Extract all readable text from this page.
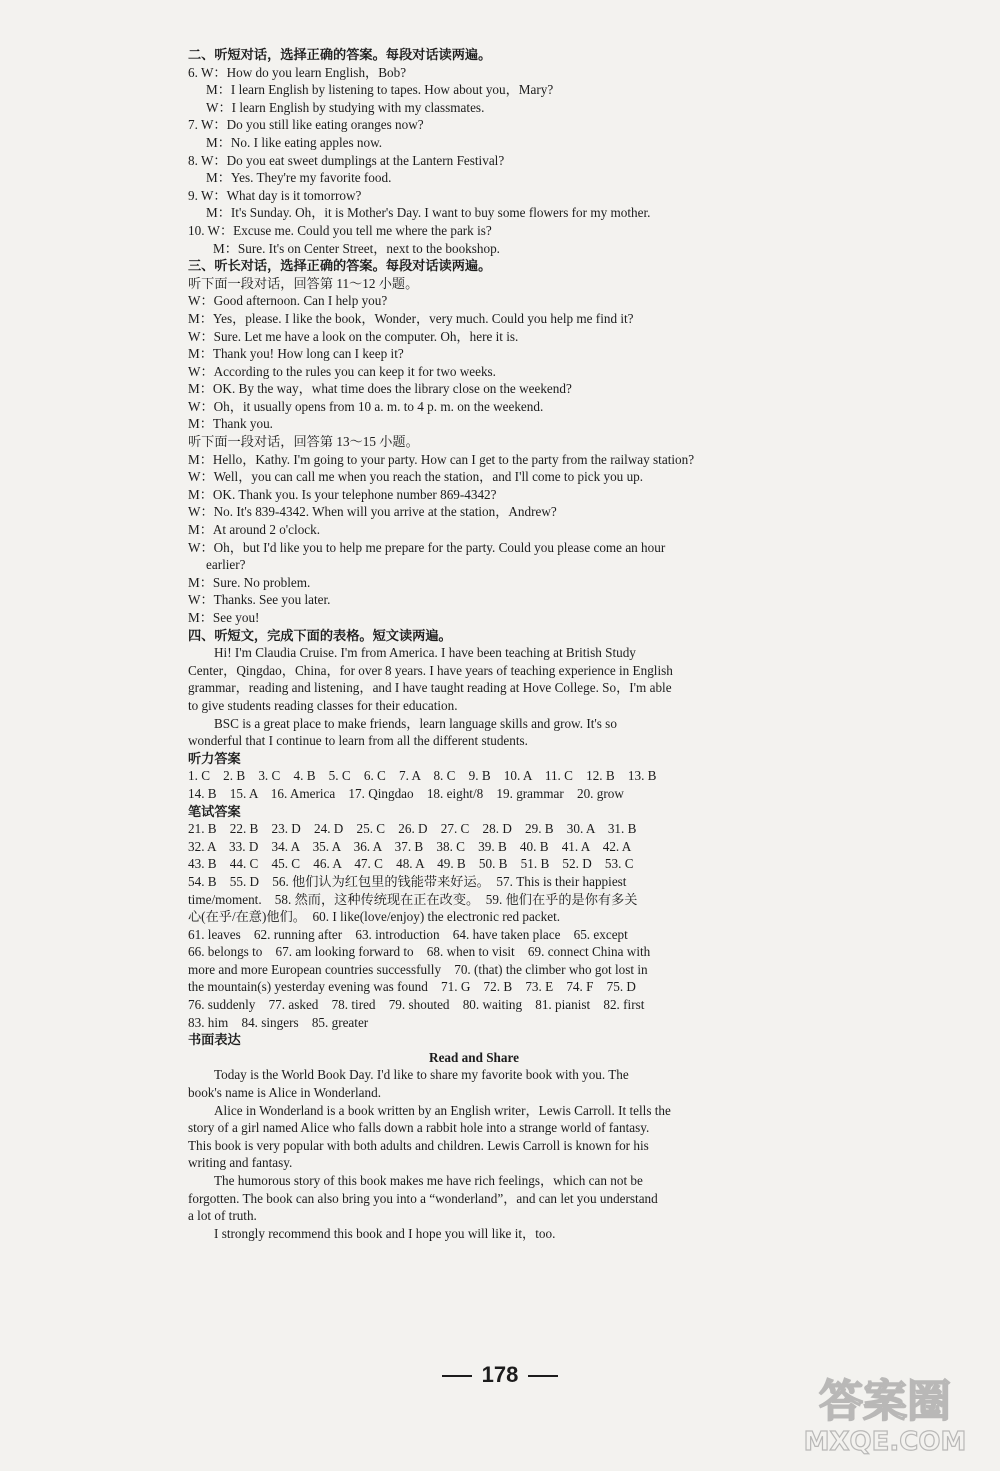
二、听短对话，选择正确的答案。每段对话读两遍。
6. W：How do you learn English，Bob?
M：I learn English by listening to tapes. How about you，Mary?
W：I learn English by studying with my classmates.
7. W：Do you still like eating oranges now?
M：No. I like eating apples now.
8. W：Do you eat sweet dumplings at the Lantern Festival?
M：Yes. They're my favorite food.
9. W：What day is it tomorrow?
M：It's Sunday. Oh，it is Mother's Day. I want to buy some flowers for my mother.
10. W：Excuse me. Could you tell me where the park is?
M：Sure. It's on Center Street，next to the bookshop.
三、听长对话，选择正确的答案。每段对话读两遍。
听下面一段对话，回答第 11～12 小题。
W：Good afternoon. Can I help you?
M：Yes，please. I like the book，Wonder，very much. Could you help me find it?
W：Sure. Let me have a look on the computer. Oh，here it is.
M：Thank you! How long can I keep it?
W：According to the rules you can keep it for two weeks.
M：OK. By the way，what time does the library close on the weekend?
W：Oh，it usually opens from 10 a. m. to 4 p. m. on the weekend.
M：Thank you.
听下面一段对话，回答第 13～15 小题。
M：Hello，Kathy. I'm going to your party. How can I get to the party from the railway station?
W：Well，you can call me when you reach the station，and I'll come to pick you up.
M：OK. Thank you. Is your telephone number 869-4342?
W：No. It's 839-4342. When will you arrive at the station，Andrew?
M：At around 2 o'clock.
W：Oh，but I'd like you to help me prepare for the party. Could you please come an hour
earlier?
M：Sure. No problem.
W：Thanks. See you later.
M：See you!
四、听短文，完成下面的表格。短文读两遍。
Hi! I'm Claudia Cruise. I'm from America. I have been teaching at British Study
Center，Qingdao，China，for over 8 years. I have years of teaching experience in English
grammar，reading and listening，and I have taught reading at Hove College. So，I'm able
to give students reading classes for their education.
BSC is a great place to make friends，learn language skills and grow. It's so
wonderful that I continue to learn from all the different students.
听力答案
1. C　2. B　3. C　4. B　5. C　6. C　7. A　8. C　9. B　10. A　11. C　12. B　13. B
14. B　15. A　16. America　17. Qingdao　18. eight/8　19. grammar　20. grow
笔试答案
21. B　22. B　23. D　24. D　25. C　26. D　27. C　28. D　29. B　30. A　31. B
32. A　33. D　34. A　35. A　36. A　37. B　38. C　39. B　40. B　41. A　42. A
43. B　44. C　45. C　46. A　47. C　48. A　49. B　50. B　51. B　52. D　53. C
54. B　55. D　56. 他们认为红包里的钱能带来好运。　57. This is their happiest
time/moment.　58. 然而，这种传统现在正在改变。　59. 他们在乎的是你有多关
心(在乎/在意)他们。　60. I like(love/enjoy) the electronic red packet.
61. leaves　62. running after　63. introduction　64. have taken place　65. except
66. belongs to　67. am looking forward to　68. when to visit　69. connect China with
more and more European countries successfully　70. (that) the climber who got lost in
the mountain(s) yesterday evening was found　71. G　72. B　73. E　74. F　75. D
76. suddenly　77. asked　78. tired　79. shouted　80. waiting　81. pianist　82. first
83. him　84. singers　85. greater
书面表达
Read and Share
Today is the World Book Day. I'd like to share my favorite book with you. The
book's name is Alice in Wonderland.
Alice in Wonderland is a book written by an English writer，Lewis Carroll. It tells the
story of a girl named Alice who falls down a rabbit hole into a strange world of fantasy.
This book is very popular with both adults and children. Lewis Carroll is known for his
writing and fantasy.
The humorous story of this book makes me have rich feelings，which can not be
forgotten. The book can also bring you into a “wonderland”，and can let you understand
a lot of truth.
I strongly recommend this book and I hope you will like it，too.
178
答案圈
MXQE.COM
